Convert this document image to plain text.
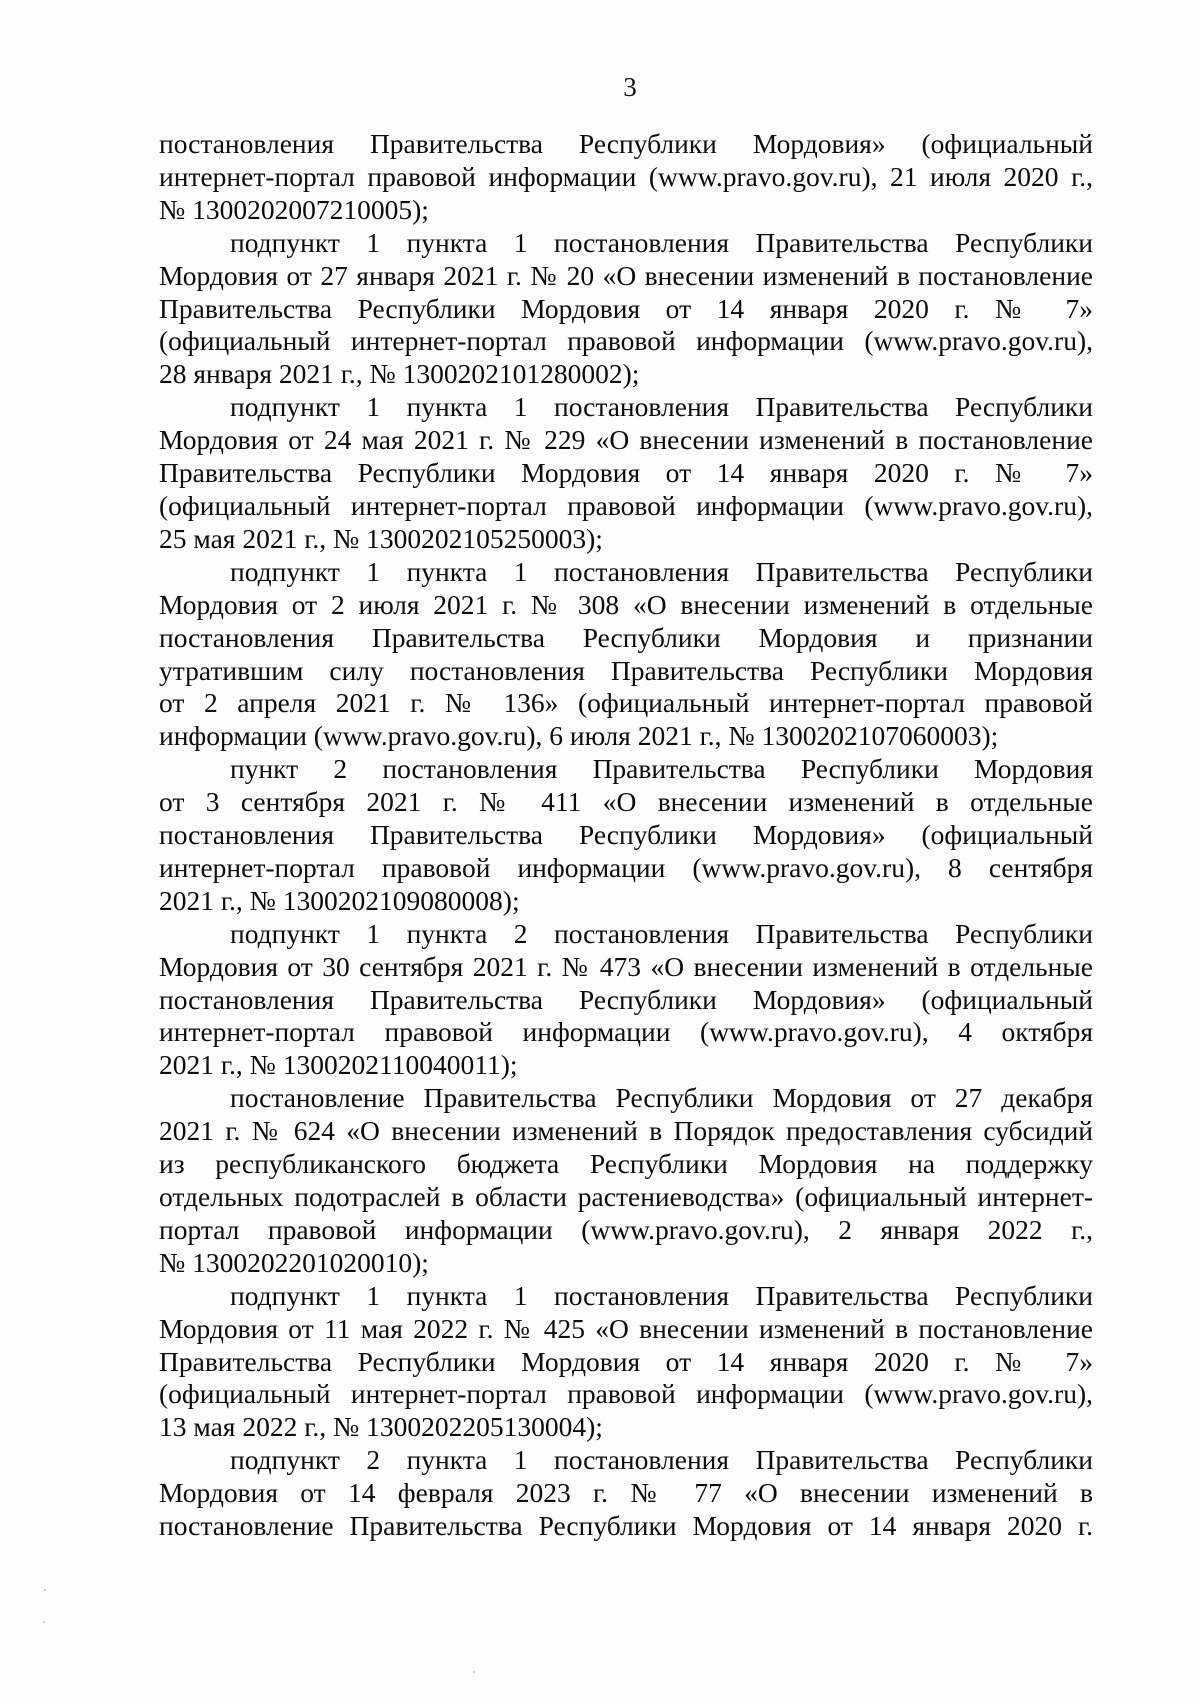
3

постановления Правительства Республики Мордовия» (официальный
интернет-портал правовой информации (www.pravo.gov.ru), 21 июля 2020 г.,
№ 1300202007210005);

подпункт 1 пункта 1 постановления Правительства Республики
Мордовия от 27 января 2021 г. № 20 «О внесении изменений в постановление
Правительства Республики Мордовия от 14 января 2020 г. № 7»
(официальный интернет-портал правовой информации (www.pravo.gov.ru),
28 января 2021 г., № 1300202101280002);

подпункт 1 пункта 1 постановления Правительства Республики
Мордовия от 24 мая 2021 г. № 229 «О внесении изменений в постановление
Правительства Республики Мордовия от 14 января 2020 г. № 7»
(официальный интернет-портал правовой информации (www.pravo.gov.ru),
25 мая 2021 г., № 1300202105250003);

подпункт 1 пункта 1 постановления Правительства Республики
Мордовия от 2 июля 2021 г. № 308 «О внесении изменений в отдельные
постановления Правительства Республики Мордовия и признании
утратившим силу постановления Правительства Республики Мордовия
от 2 апреля 2021 г. № 136» (официальный интернет-портал правовой
информации (www.pravo.gov.ru), 6 июля 2021 г., № 1300202107060003);

пункт 2 постановления Правительства Республики Мордовия
от 3 сентября 2021 г. № 411 «О внесении изменений в отдельные
постановления Правительства Республики Мордовия» (официальный
интернет-портал правовой информации (www.pravo.gov.ru), 8 сентября
2021 г., № 1300202109080008);

подпункт 1 пункта 2 постановления Правительства Республики
Мордовия от 30 сентября 2021 г. № 473 «О внесении изменений в отдельные
постановления Правительства Республики Мордовия» (официальный
интернет-портал правовой информации (www.pravo.gov.ru), 4 октября
2021 г., № 1300202110040011);

постановление Правительства Республики Мордовия от 27 декабря
2021 г. № 624 «О внесении изменений в Порядок предоставления субсидий
из республиканского бюджета Республики Мордовия на поддержку
отдельных подотраслей в области растениеводства» (официальный интернет-
портал правовой информации (www.pravo.gov.ru), 2 января 2022 г.,
№ 1300202201020010);

подпункт 1 пункта 1 постановления Правительства Республики
Мордовия от 11 мая 2022 г. № 425 «О внесении изменений в постановление
Правительства Республики Мордовия от 14 января 2020 г. № 7»
(официальный интернет-портал правовой информации (www.pravo.gov.ru),
13 мая 2022 г., № 1300202205130004);

подпункт 2 пункта 1 постановления Правительства Республики
Мордовия от 14 февраля 2023 г. № 77 «О внесении изменений в
постановление Правительства Республики Мордовия от 14 января 2020 г.
